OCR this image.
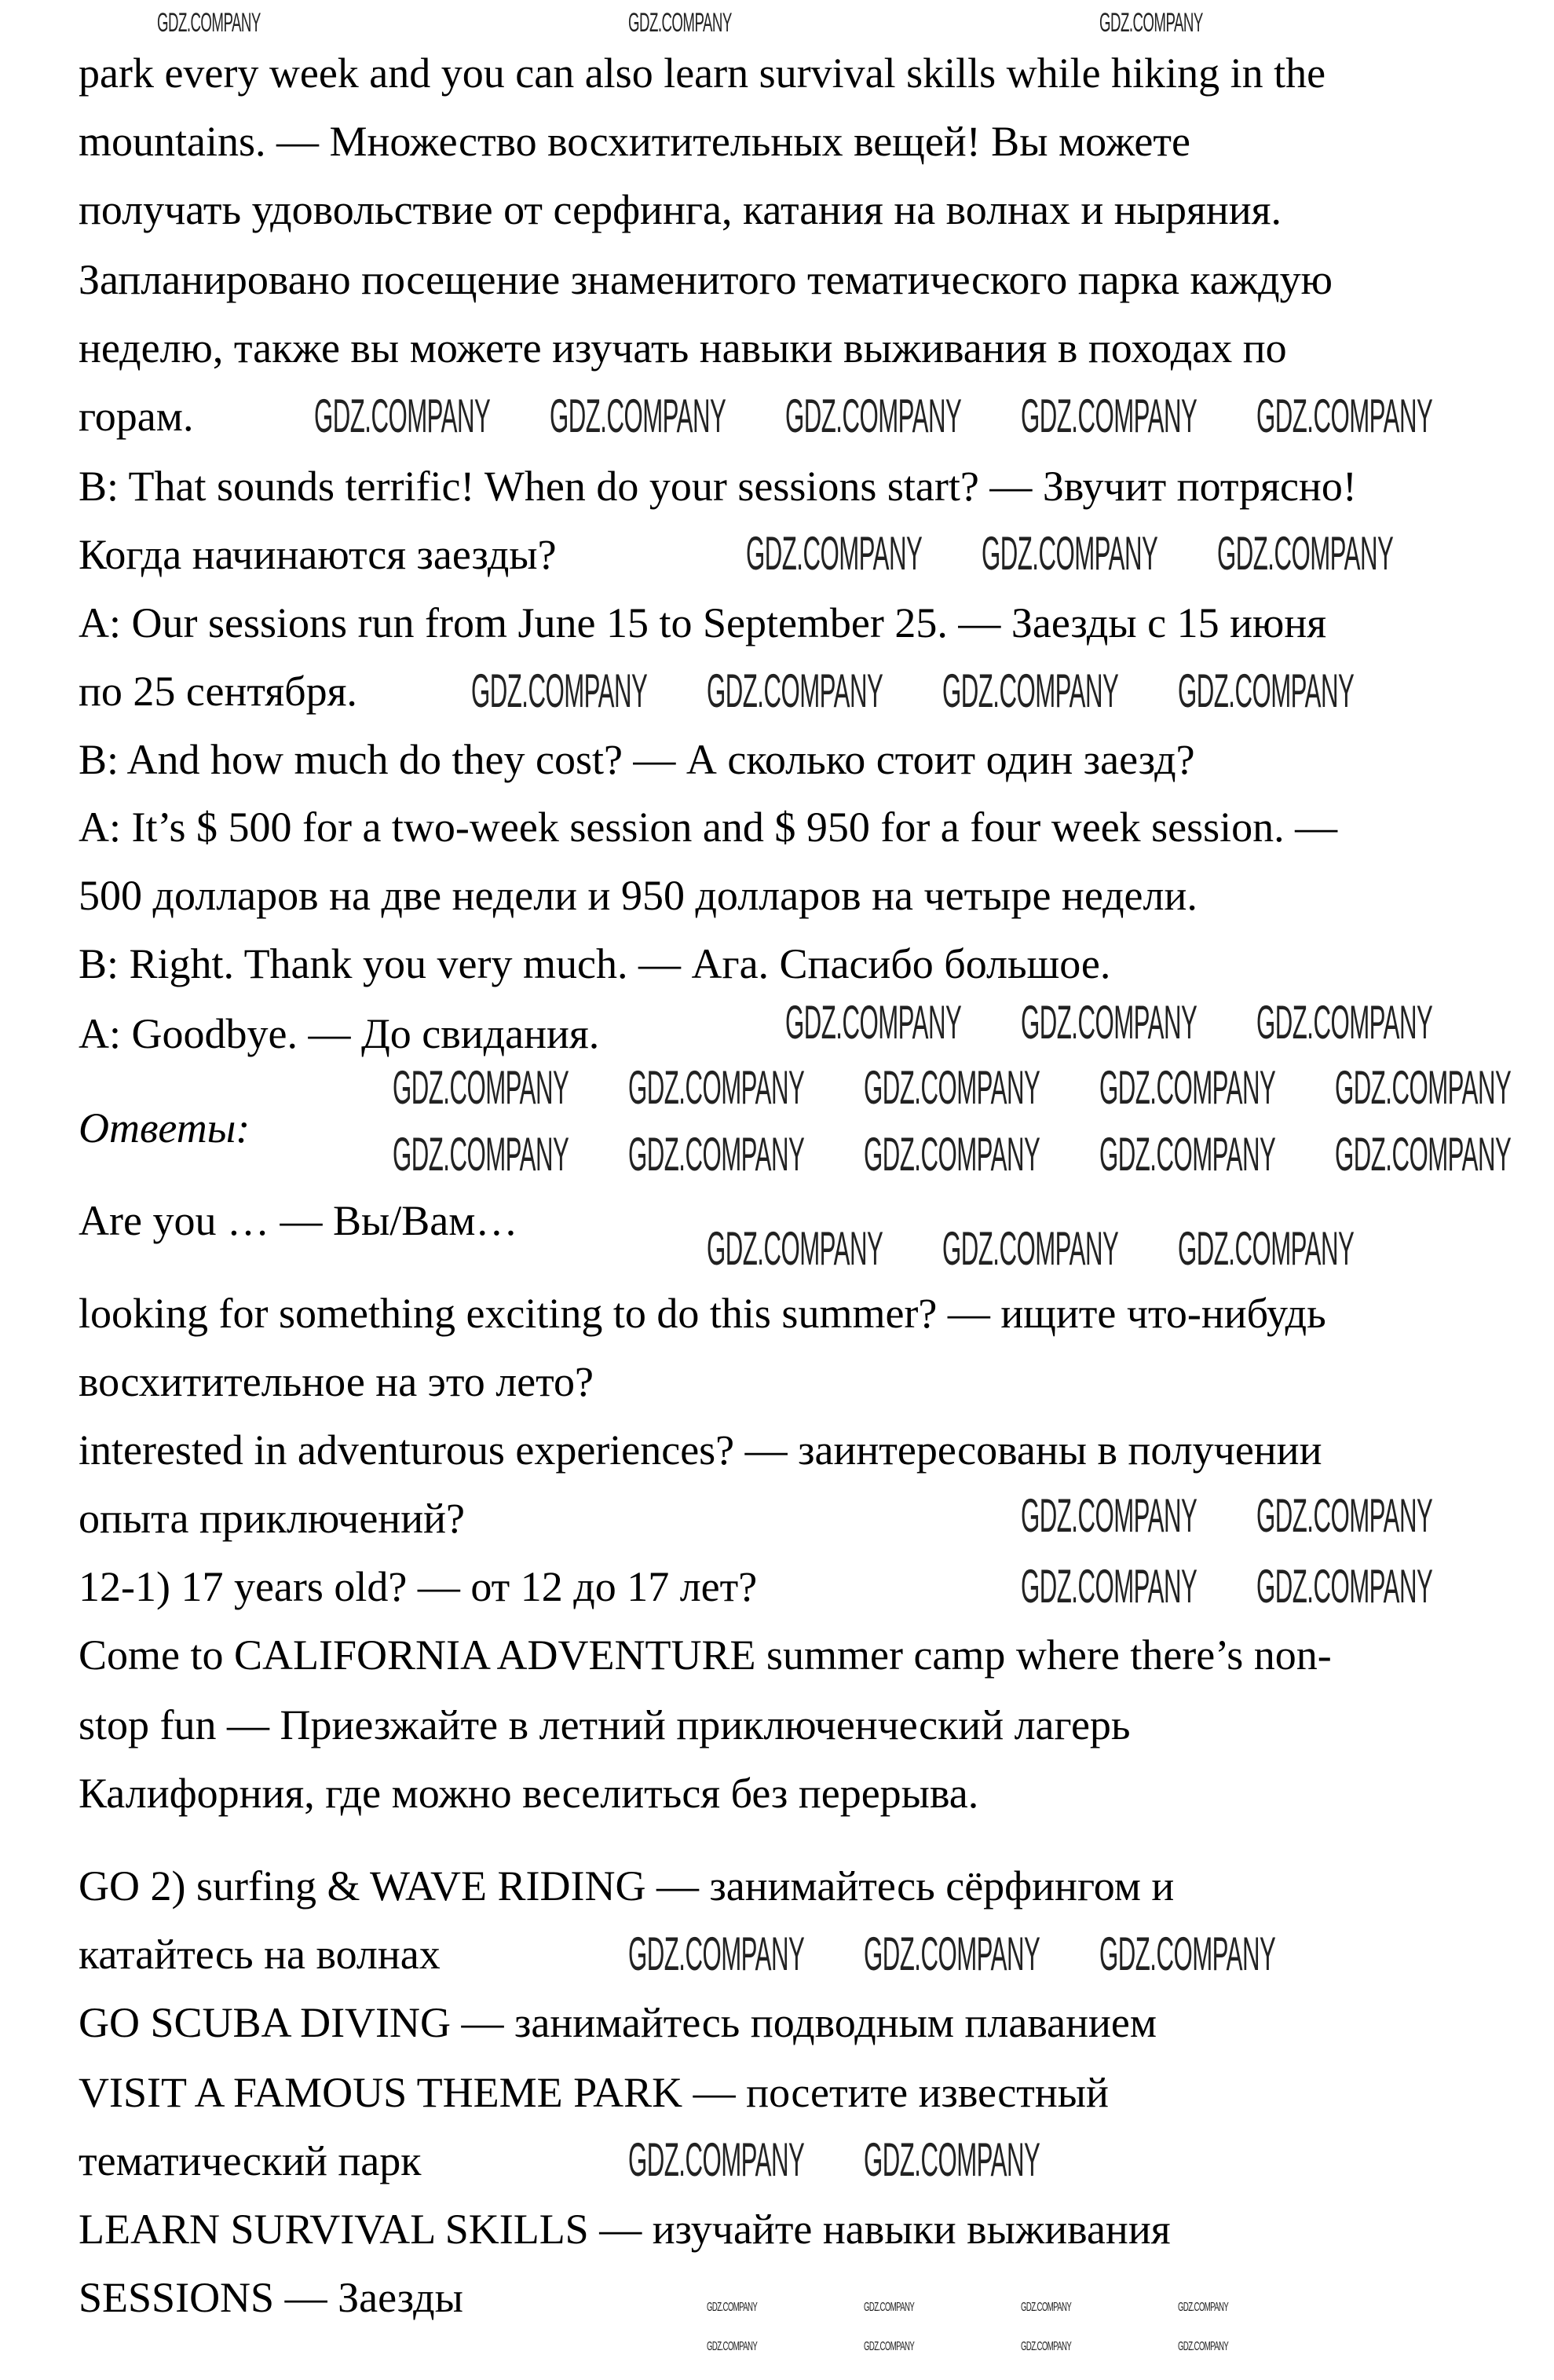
park every week and you can also learn survival skills while hiking in the
mountains. — Множество восхитительных вещей! Вы можете
получать удовольствие от серфинга, катания на волнах и ныряния.
Запланировано посещение знаменитого тематического парка каждую
неделю, также вы можете изучать навыки выживания в походах по
горам.
B: That sounds terrific! When do your sessions start? — Звучит потрясно!
Когда начинаются заезды?
A: Our sessions run from June 15 to September 25. — Заезды с 15 июня
по 25 сентября.
B: And how much do they cost? — А сколько стоит один заезд?
A: It’s $ 500 for a two-week session and $ 950 for a four week session. —
500 долларов на две недели и 950 долларов на четыре недели.
B: Right. Thank you very much. — Ага. Спасибо большое.
A: Goodbye. — До свидания.
Ответы:
Are you … — Вы/Вам…
looking for something exciting to do this summer? — ищите что-нибудь
восхитительное на это лето?
interested in adventurous experiences? — заинтересованы в получении
опыта приключений?
12-1) 17 years old? — от 12 до 17 лет?
Come to CALIFORNIA ADVENTURE summer camp where there’s non-
stop fun — Приезжайте в летний приключенческий лагерь
Калифорния, где можно веселиться без перерыва.
GO 2) surfing & WAVE RIDING — занимайтесь сёрфингом и
катайтесь на волнах
GO SCUBA DIVING — занимайтесь подводным плаванием
VISIT A FAMOUS THEME PARK — посетите известный
тематический парк
LEARN SURVIVAL SKILLS — изучайте навыки выживания
SESSIONS — Заезды
GDZ.COMPANY	GDZ.COMPANY	GDZ.COMPANY
GDZ.COMPANY GDZ.COMPANY GDZ.COMPANY GDZ.COMPANY GDZ.COMPANY
GDZ.COMPANY GDZ.COMPANY GDZ.COMPANY
GDZ.COMPANY GDZ.COMPANY GDZ.COMPANY GDZ.COMPANY
GDZ.COMPANY GDZ.COMPANY GDZ.COMPANY
GDZ.COMPANY GDZ.COMPANY GDZ.COMPANY GDZ.COMPANY GDZ.COMPANY
GDZ.COMPANY GDZ.COMPANY GDZ.COMPANY GDZ.COMPANY GDZ.COMPANY
GDZ.COMPANY GDZ.COMPANY GDZ.COMPANY
GDZ.COMPANY GDZ.COMPANY
GDZ.COMPANY GDZ.COMPANY
GDZ.COMPANY GDZ.COMPANY GDZ.COMPANY
GDZ.COMPANY GDZ.COMPANY
GDZ.COMPANY	GDZ.COMPANY	GDZ.COMPANY	GDZ.COMPANY
GDZ.COMPANY	GDZ.COMPANY	GDZ.COMPANY	GDZ.COMPANY
